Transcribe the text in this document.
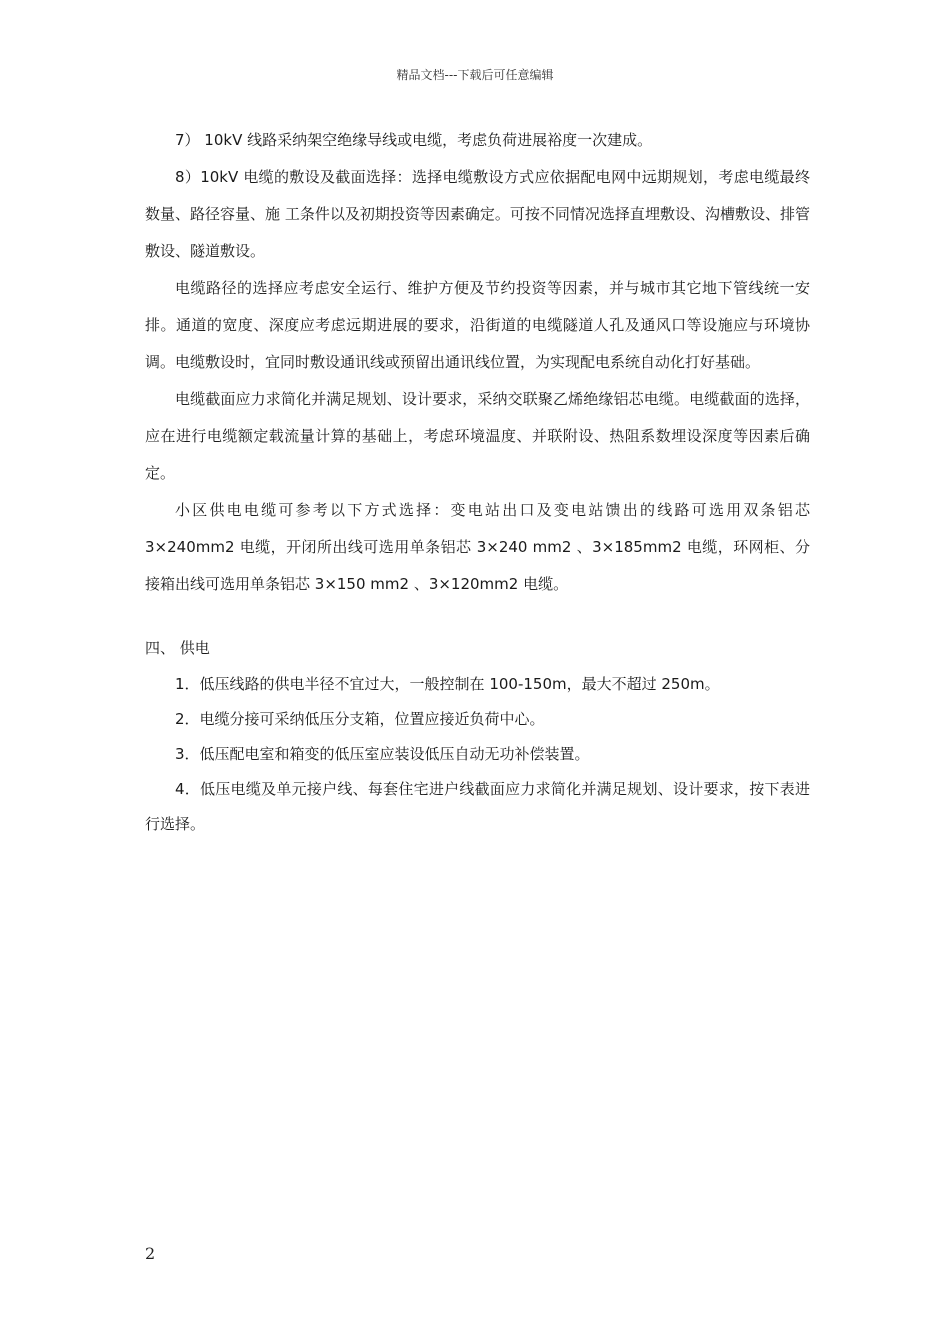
精品文档---下载后可任意编辑

7） 10kV 线路采纳架空绝缘导线或电缆，考虑负荷进展裕度一次建成。

8）10kV 电缆的敷设及截面选择：选择电缆敷设方式应依据配电网中远期规划，考虑电缆最终数量、路径容量、施 工条件以及初期投资等因素确定。可按不同情况选择直埋敷设、沟槽敷设、排管敷设、隧道敷设。

电缆路径的选择应考虑安全运行、维护方便及节约投资等因素，并与城市其它地下管线统一安排。通道的宽度、深度应考虑远期进展的要求，沿街道的电缆隧道人孔及通风口等设施应与环境协调。电缆敷设时，宜同时敷设通讯线或预留出通讯线位置，为实现配电系统自动化打好基础。

电缆截面应力求简化并满足规划、设计要求，采纳交联聚乙烯绝缘铝芯电缆。电缆截面的选择，应在进行电缆额定载流量计算的基础上，考虑环境温度、并联附设、热阻系数埋设深度等因素后确定。

小区供电电缆可参考以下方式选择：变电站出口及变电站馈出的线路可选用双条铝芯3×240mm2 电缆，开闭所出线可选用单条铝芯 3×240 mm2 、3×185mm2 电缆，环网柜、分接箱出线可选用单条铝芯 3×150 mm2 、3×120mm2 电缆。

四、 供电

1．低压线路的供电半径不宜过大，一般控制在 100-150m，最大不超过 250m。

2．电缆分接可采纳低压分支箱，位置应接近负荷中心。

3．低压配电室和箱变的低压室应装设低压自动无功补偿装置。

4．低压电缆及单元接户线、每套住宅进户线截面应力求简化并满足规划、设计要求，按下表进行选择。

2
